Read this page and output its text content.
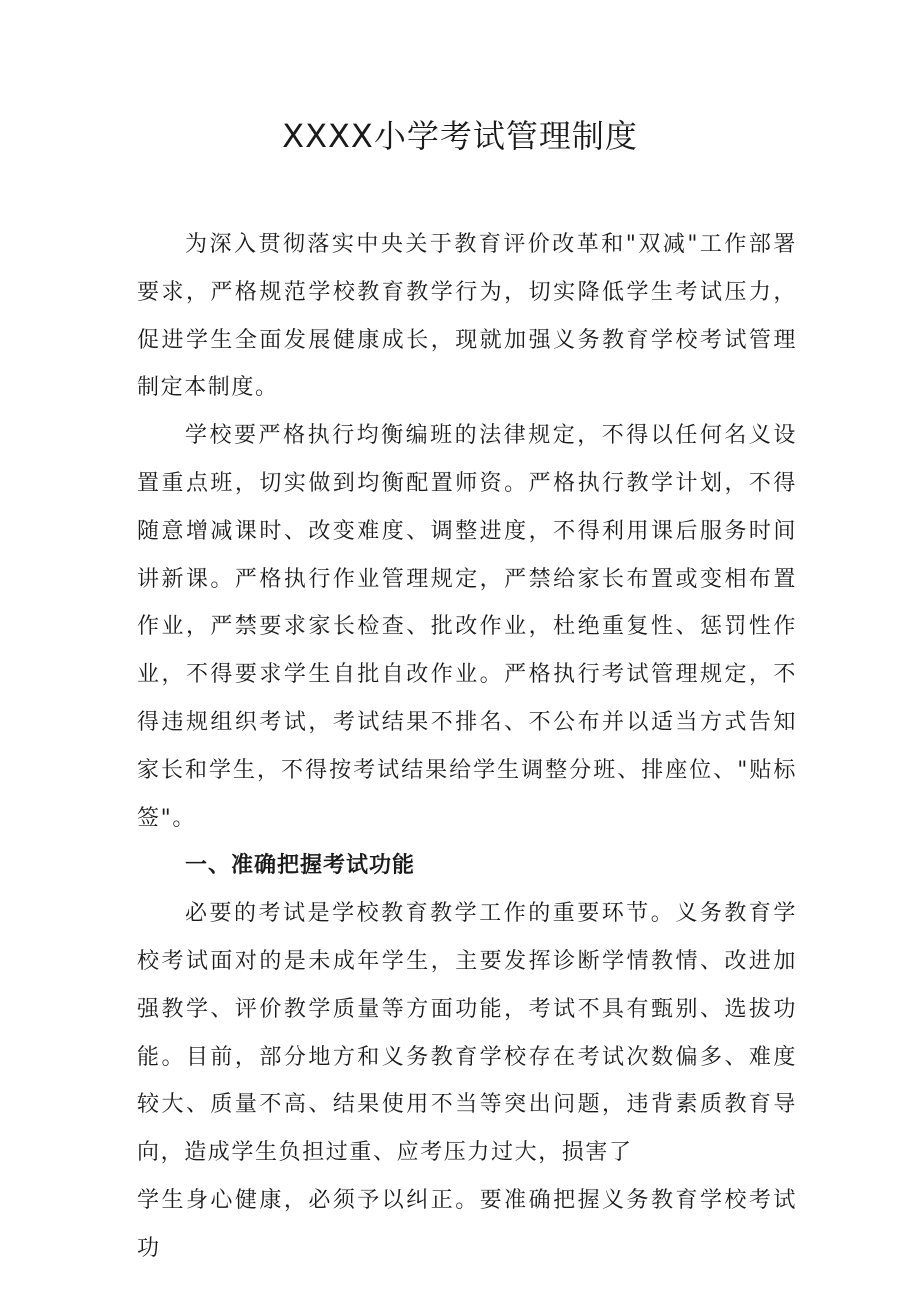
XXXX小学考试管理制度

为深入贯彻落实中央关于教育评价改革和"双减"工作部署要求，严格规范学校教育教学行为，切实降低学生考试压力，促进学生全面发展健康成长，现就加强义务教育学校考试管理制定本制度。

学校要严格执行均衡编班的法律规定，不得以任何名义设置重点班，切实做到均衡配置师资。严格执行教学计划，不得随意增减课时、改变难度、调整进度，不得利用课后服务时间讲新课。严格执行作业管理规定，严禁给家长布置或变相布置作业，严禁要求家长检查、批改作业，杜绝重复性、惩罚性作业，不得要求学生自批自改作业。严格执行考试管理规定，不得违规组织考试，考试结果不排名、不公布并以适当方式告知家长和学生，不得按考试结果给学生调整分班、排座位、"贴标签"。

一、准确把握考试功能

必要的考试是学校教育教学工作的重要环节。义务教育学校考试面对的是未成年学生，主要发挥诊断学情教情、改进加强教学、评价教学质量等方面功能，考试不具有甄别、选拔功能。目前，部分地方和义务教育学校存在考试次数偏多、难度较大、质量不高、结果使用不当等突出问题，违背素质教育导向，造成学生负担过重、应考压力过大，损害了

学生身心健康，必须予以纠正。要准确把握义务教育学校考试功
